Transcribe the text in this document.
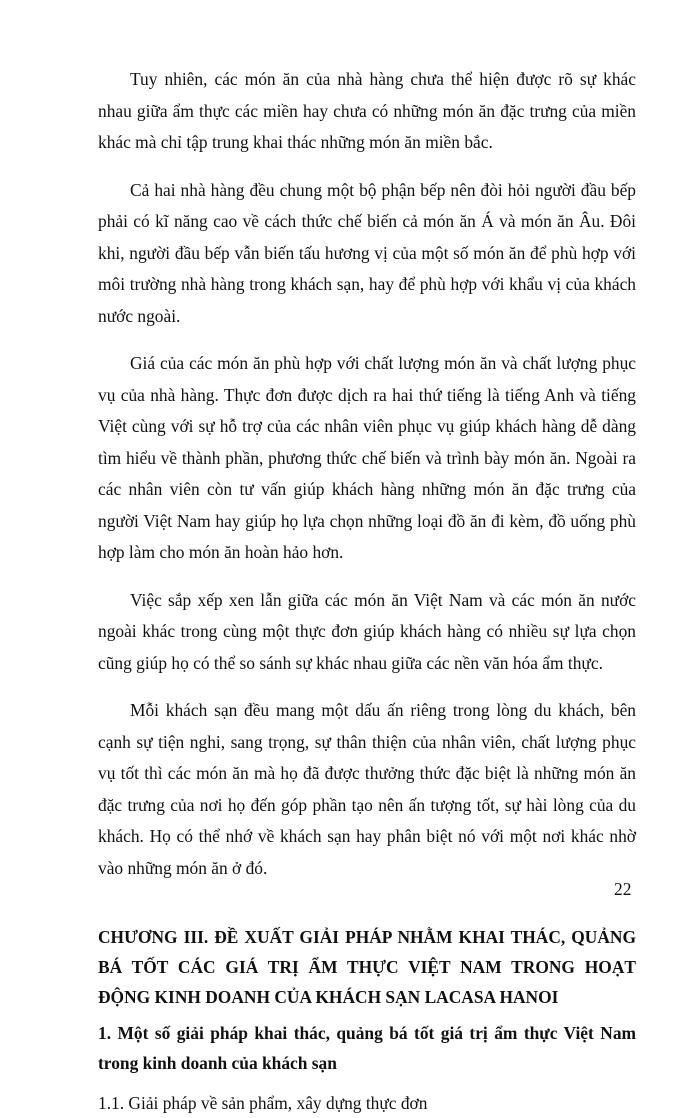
Tuy nhiên, các món ăn của nhà hàng chưa thể hiện được rõ sự khác nhau giữa ẩm thực các miền hay chưa có những món ăn đặc trưng của miền khác mà chỉ tập trung khai thác những món ăn miền bắc.

Cả hai nhà hàng đều chung một bộ phận bếp nên đòi hỏi người đầu bếp phải có kĩ năng cao về cách thức chế biến cả món ăn Á và món ăn Âu. Đôi khi, người đầu bếp vẫn biến tấu hương vị của một số món ăn để phù hợp với môi trường nhà hàng trong khách sạn, hay để phù hợp với khẩu vị của khách nước ngoài.

Giá của các món ăn phù hợp với chất lượng món ăn và chất lượng phục vụ của nhà hàng. Thực đơn được dịch ra hai thứ tiếng là tiếng Anh và tiếng Việt cùng với sự hỗ trợ của các nhân viên phục vụ giúp khách hàng dễ dàng tìm hiểu về thành phần, phương thức chế biến và trình bày món ăn. Ngoài ra các nhân viên còn tư vấn giúp khách hàng những món ăn đặc trưng của người Việt Nam hay giúp họ lựa chọn những loại đồ ăn đi kèm, đồ uống phù hợp làm cho món ăn hoàn hảo hơn.

Việc sắp xếp xen lẫn giữa các món ăn Việt Nam và các món ăn nước ngoài khác trong cùng một thực đơn giúp khách hàng có nhiều sự lựa chọn cũng giúp họ có thể so sánh sự khác nhau giữa các nền văn hóa ẩm thực.

Mỗi khách sạn đều mang một dấu ấn riêng trong lòng du khách, bên cạnh sự tiện nghi, sang trọng, sự thân thiện của nhân viên, chất lượng phục vụ tốt thì các món ăn mà họ đã được thưởng thức đặc biệt là những món ăn đặc trưng của nơi họ đến góp phần tạo nên ấn tượng tốt, sự hài lòng của du khách. Họ có thể nhớ về khách sạn hay phân biệt nó với một nơi khác nhờ vào những món ăn ở đó.

CHƯƠNG III. ĐỀ XUẤT GIẢI PHÁP NHẰM KHAI THÁC, QUẢNG BÁ TỐT CÁC GIÁ TRỊ ẨM THỰC VIỆT NAM TRONG HOẠT ĐỘNG KINH DOANH CỦA KHÁCH SẠN LACASA HANOI
1. Một số giải pháp khai thác, quảng bá tốt giá trị ẩm thực Việt Nam trong kinh doanh của khách sạn

1.1. Giải pháp về sản phẩm, xây dựng thực đơn

22
